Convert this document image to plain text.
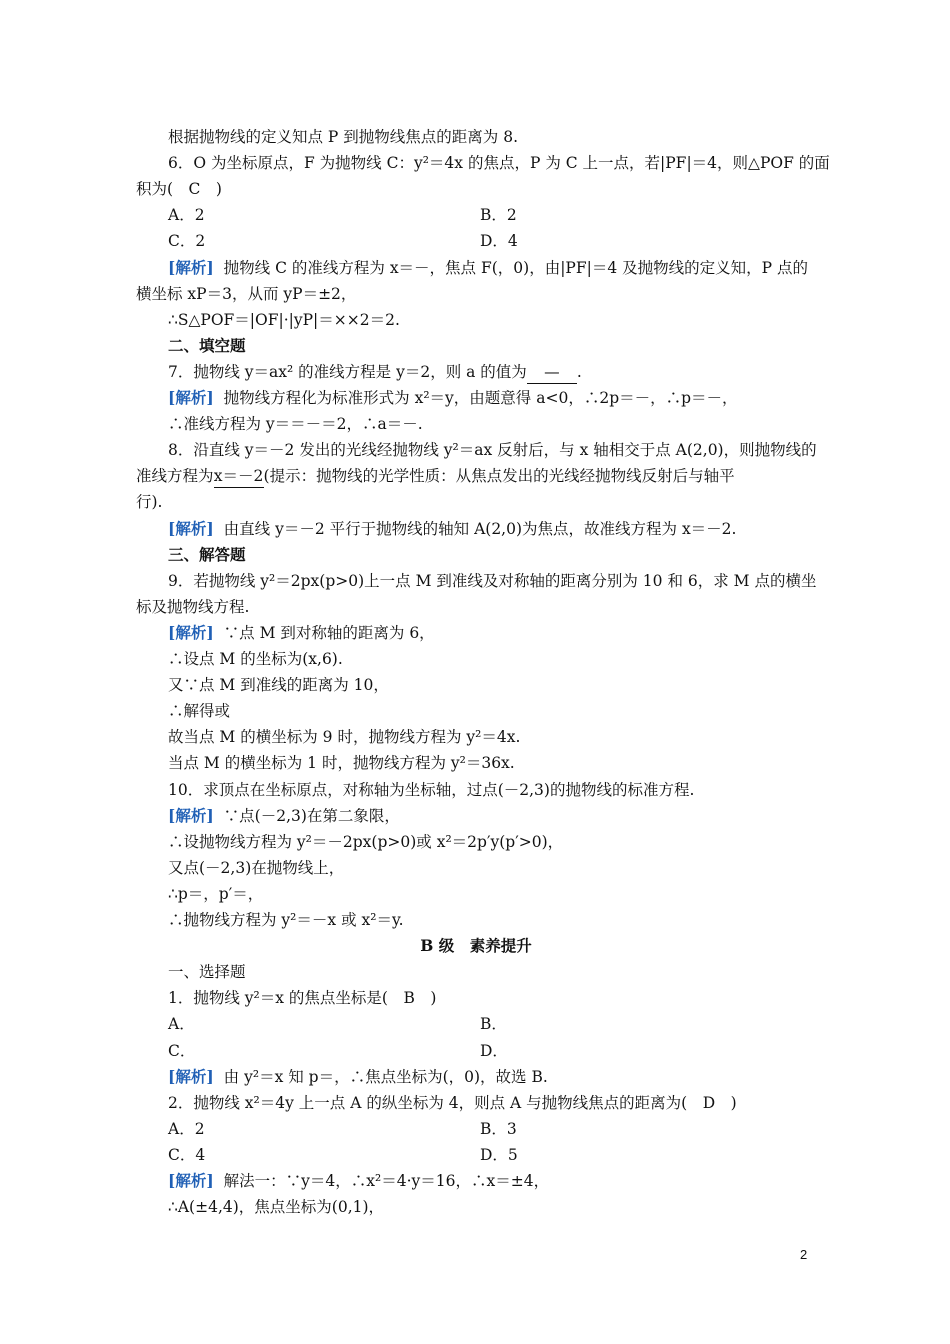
根据抛物线的定义知点 P 到抛物线焦点的距离为 8.
6．O 为坐标原点，F 为抛物线 C：y²＝4x 的焦点，P 为 C 上一点，若|PF|＝4，则△POF 的面
积为(　C　)
A．2	B．2
C．2	D．4
[解析] 抛物线 C 的准线方程为 x＝－，焦点 F(，0)，由|PF|＝4 及抛物线的定义知，P 点的
横坐标 xP＝3，从而 yP＝±2，
∴S△POF＝|OF|·|yP|＝××2＝2.
二、填空题
7．抛物线 y＝ax² 的准线方程是 y＝2，则 a 的值为 — .
[解析] 抛物线方程化为标准形式为 x²＝y，由题意得 a<0，∴2p＝－，∴p＝－，
∴准线方程为 y＝＝－＝2，∴a＝－.
8．沿直线 y＝－2 发出的光线经抛物线 y²＝ax 反射后，与 x 轴相交于点 A(2,0)，则抛物线的
准线方程为x＝－2(提示：抛物线的光学性质：从焦点发出的光线经抛物线反射后与轴平
行).
[解析] 由直线 y＝－2 平行于抛物线的轴知 A(2,0)为焦点，故准线方程为 x＝－2.
三、解答题
9．若抛物线 y²＝2px(p>0)上一点 M 到准线及对称轴的距离分别为 10 和 6，求 M 点的横坐
标及抛物线方程.
[解析] ∵点 M 到对称轴的距离为 6，
∴设点 M 的坐标为(x,6).
又∵点 M 到准线的距离为 10，
∴解得或
故当点 M 的横坐标为 9 时，抛物线方程为 y²＝4x.
当点 M 的横坐标为 1 时，抛物线方程为 y²＝36x.
10．求顶点在坐标原点，对称轴为坐标轴，过点(－2,3)的抛物线的标准方程.
[解析] ∵点(－2,3)在第二象限，
∴设抛物线方程为 y²＝－2px(p>0)或 x²＝2p′y(p′>0)，
又点(－2,3)在抛物线上，
∴p＝，p′＝，
∴抛物线方程为 y²＝－x 或 x²＝y.
B 级　素养提升
一、选择题
1．抛物线 y²＝x 的焦点坐标是(　B　)
A．	B．
C．	D．
[解析] 由 y²＝x 知 p＝，∴焦点坐标为(，0)，故选 B.
2．抛物线 x²＝4y 上一点 A 的纵坐标为 4，则点 A 与抛物线焦点的距离为(　D　)
A．2	B．3
C．4	D．5
[解析] 解法一：∵y＝4，∴x²＝4·y＝16，∴x＝±4，
∴A(±4,4)，焦点坐标为(0,1)，
2
